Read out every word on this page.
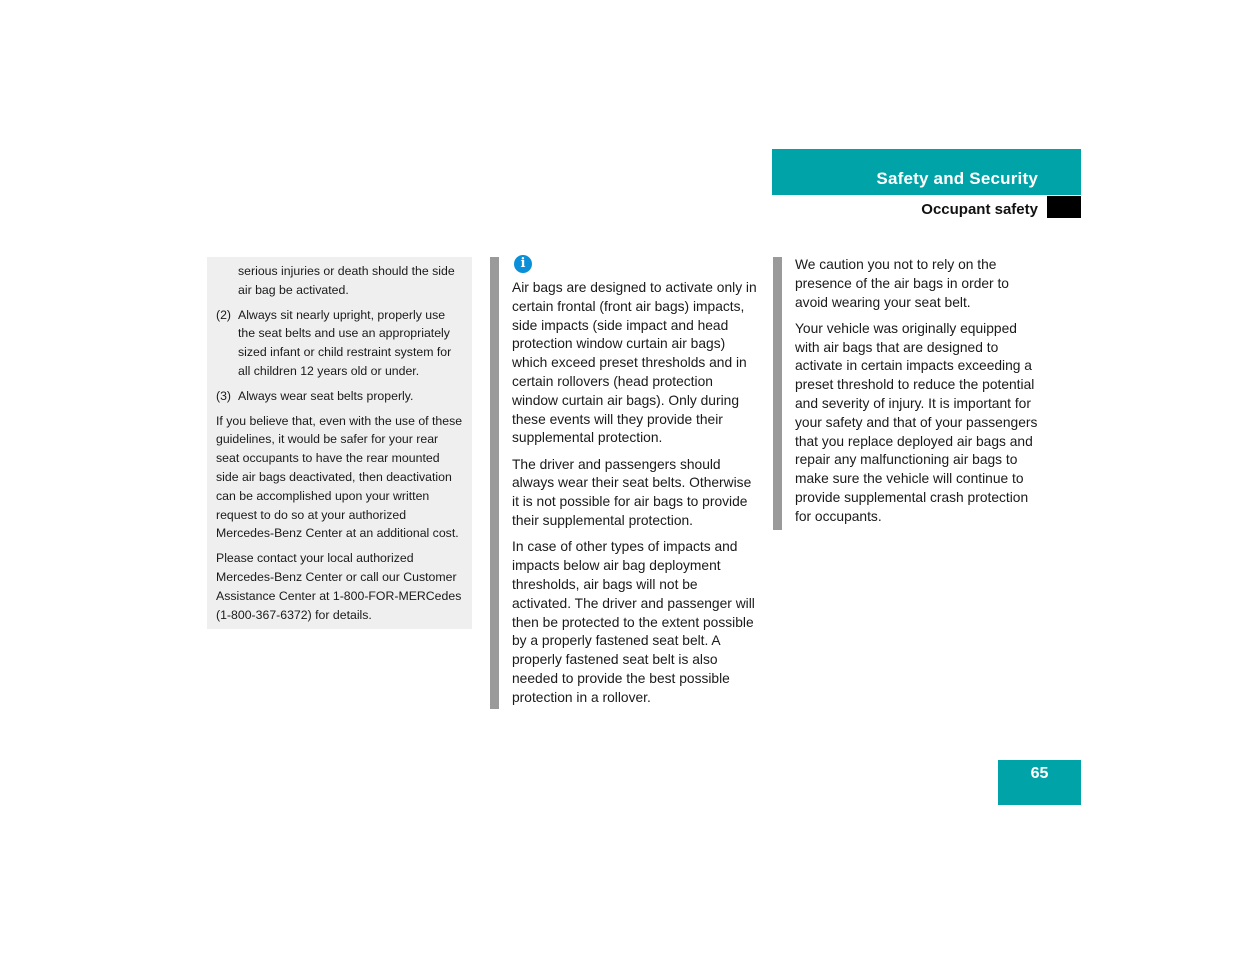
Safety and Security
Occupant safety

serious injuries or death should the side air bag be activated.

(2) Always sit nearly upright, properly use the seat belts and use an appropriately sized infant or child restraint system for all children 12 years old or under.
(3) Always wear seat belts properly.

If you believe that, even with the use of these guidelines, it would be safer for your rear seat occupants to have the rear mounted side air bags deactivated, then deactivation can be accomplished upon your written request to do so at your authorized Mercedes-Benz Center at an additional cost.

Please contact your local authorized Mercedes-Benz Center or call our Customer Assistance Center at 1-800-FOR-MERCedes (1-800-367-6372) for details.

i

Air bags are designed to activate only in certain frontal (front air bags) impacts, side impacts (side impact and head protection window curtain air bags) which exceed preset thresholds and in certain rollovers (head protection window curtain air bags). Only during these events will they provide their supplemental protection.

The driver and passengers should always wear their seat belts. Otherwise it is not possible for air bags to provide their supplemental protection.

In case of other types of impacts and impacts below air bag deployment thresholds, air bags will not be activated. The driver and passenger will then be protected to the extent possible by a properly fastened seat belt. A properly fastened seat belt is also needed to provide the best possible protection in a rollover.

We caution you not to rely on the presence of the air bags in order to avoid wearing your seat belt.

Your vehicle was originally equipped with air bags that are designed to activate in certain impacts exceeding a preset threshold to reduce the potential and severity of injury. It is important for your safety and that of your passengers that you replace deployed air bags and repair any malfunctioning air bags to make sure the vehicle will continue to provide supplemental crash protection for occupants.

65
